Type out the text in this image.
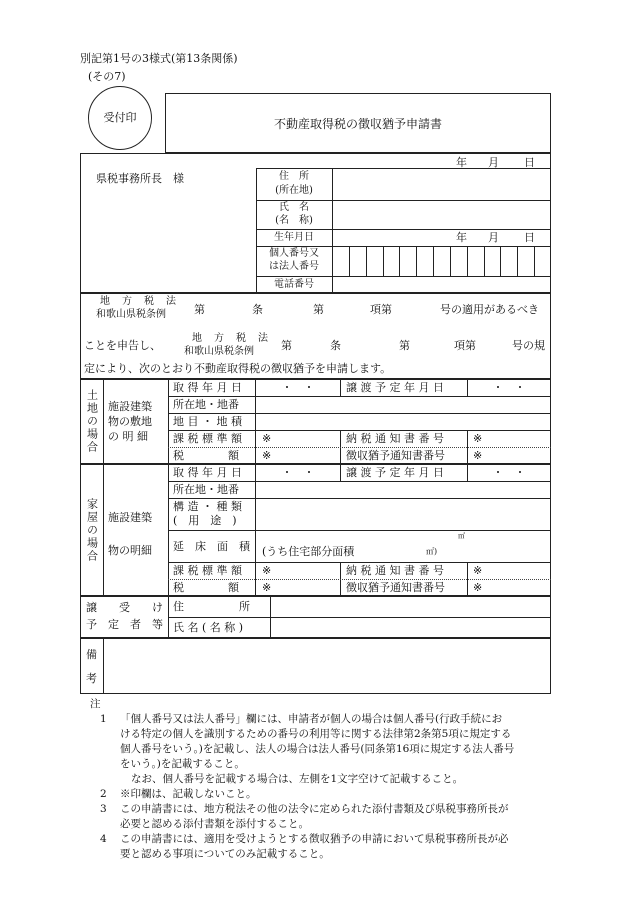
別記第1号の3様式(第13条関係)
(その7)
受付印	不動産取得税の徴収猶予申請書
年 月 日
県税事務所長　様	住　所
(所在地)
氏　名
(名　称)
生年月日	年 月 日
個人番号又
は法人番号
電話番号
地　方　税　法
和歌山県税条例	第	条	第	項第	号の適用があるべき
ことを申告し、
地　方　税　法
和歌山県税条例 第	条	第	項第	号の規
定により、次のとおり不動産取得税の徴収猶予を申請します。
土地の場合 施設建築
物の敷地
の 明 細
取 得 年 月 日	・　・	譲 渡 予 定 年 月 日	・　・
所在地・地番
地 目 ・ 地 積
課 税 標 準 額 ※	納 税 通 知 書 番 号	※
税　　　　額 ※	徴収猶予通知書番号	※
家屋の場合 施設建築
物の明細
取 得 年 月 日	・　・	譲 渡 予 定 年 月 日	・　・
所在地・地番
構 造 ・ 種 類
(　用　途　)
延　床　面　積
㎡
(うち住宅部分面積	㎡)
課 税 標 準 額 ※	納 税 通 知 書 番 号	※
税　　　　額 ※	徴収猶予通知書番号	※
譲　　受　　け
予　定　者　等
住　　　　　所
氏 名 ( 名 称 )
備
考
注
1 「個人番号又は法人番号」欄には、申請者が個人の場合は個人番号(行政手続にお

ける特定の個人を識別するための番号の利用等に関する法律第2条第5項に規定する

個人番号をいう。)を記載し、法人の場合は法人番号(同条第16項に規定する法人番号

をいう。)を記載すること。

なお、個人番号を記載する場合は、左側を1文字空けて記載すること。
2 ※印欄は、記載しないこと。
3 この申請書には、地方税法その他の法令に定められた添付書類及び県税事務所長が

必要と認める添付書類を添付すること。

4 この申請書には、適用を受けようとする徴収猶予の申請において県税事務所長が必

要と認める事項についてのみ記載すること。
